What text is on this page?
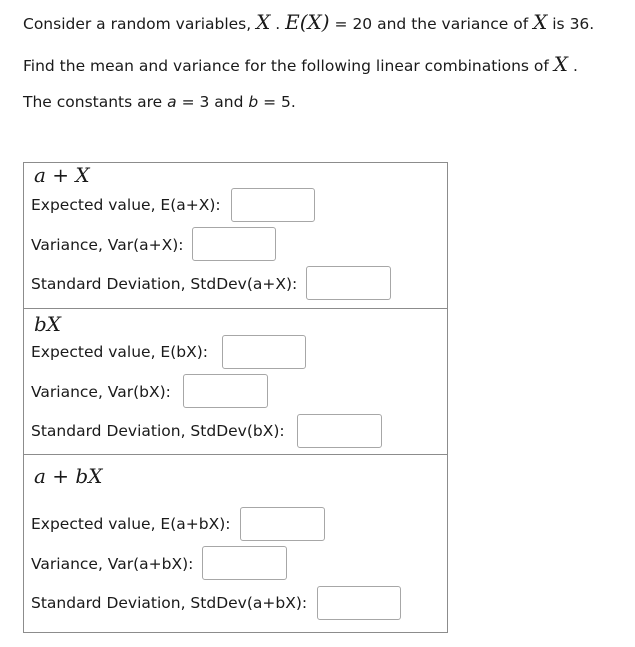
Consider a random variables, X . E(X) = 20 and the variance of X is 36.
Find the mean and variance for the following linear combinations of X .
The constants are a = 3 and b = 5.
a + X
Expected value, E(a+X):
Variance, Var(a+X):
Standard Deviation, StdDev(a+X):
bX
Expected value, E(bX):
Variance, Var(bX):
Standard Deviation, StdDev(bX):
a + bX
Expected value, E(a+bX):
Variance, Var(a+bX):
Standard Deviation, StdDev(a+bX):
